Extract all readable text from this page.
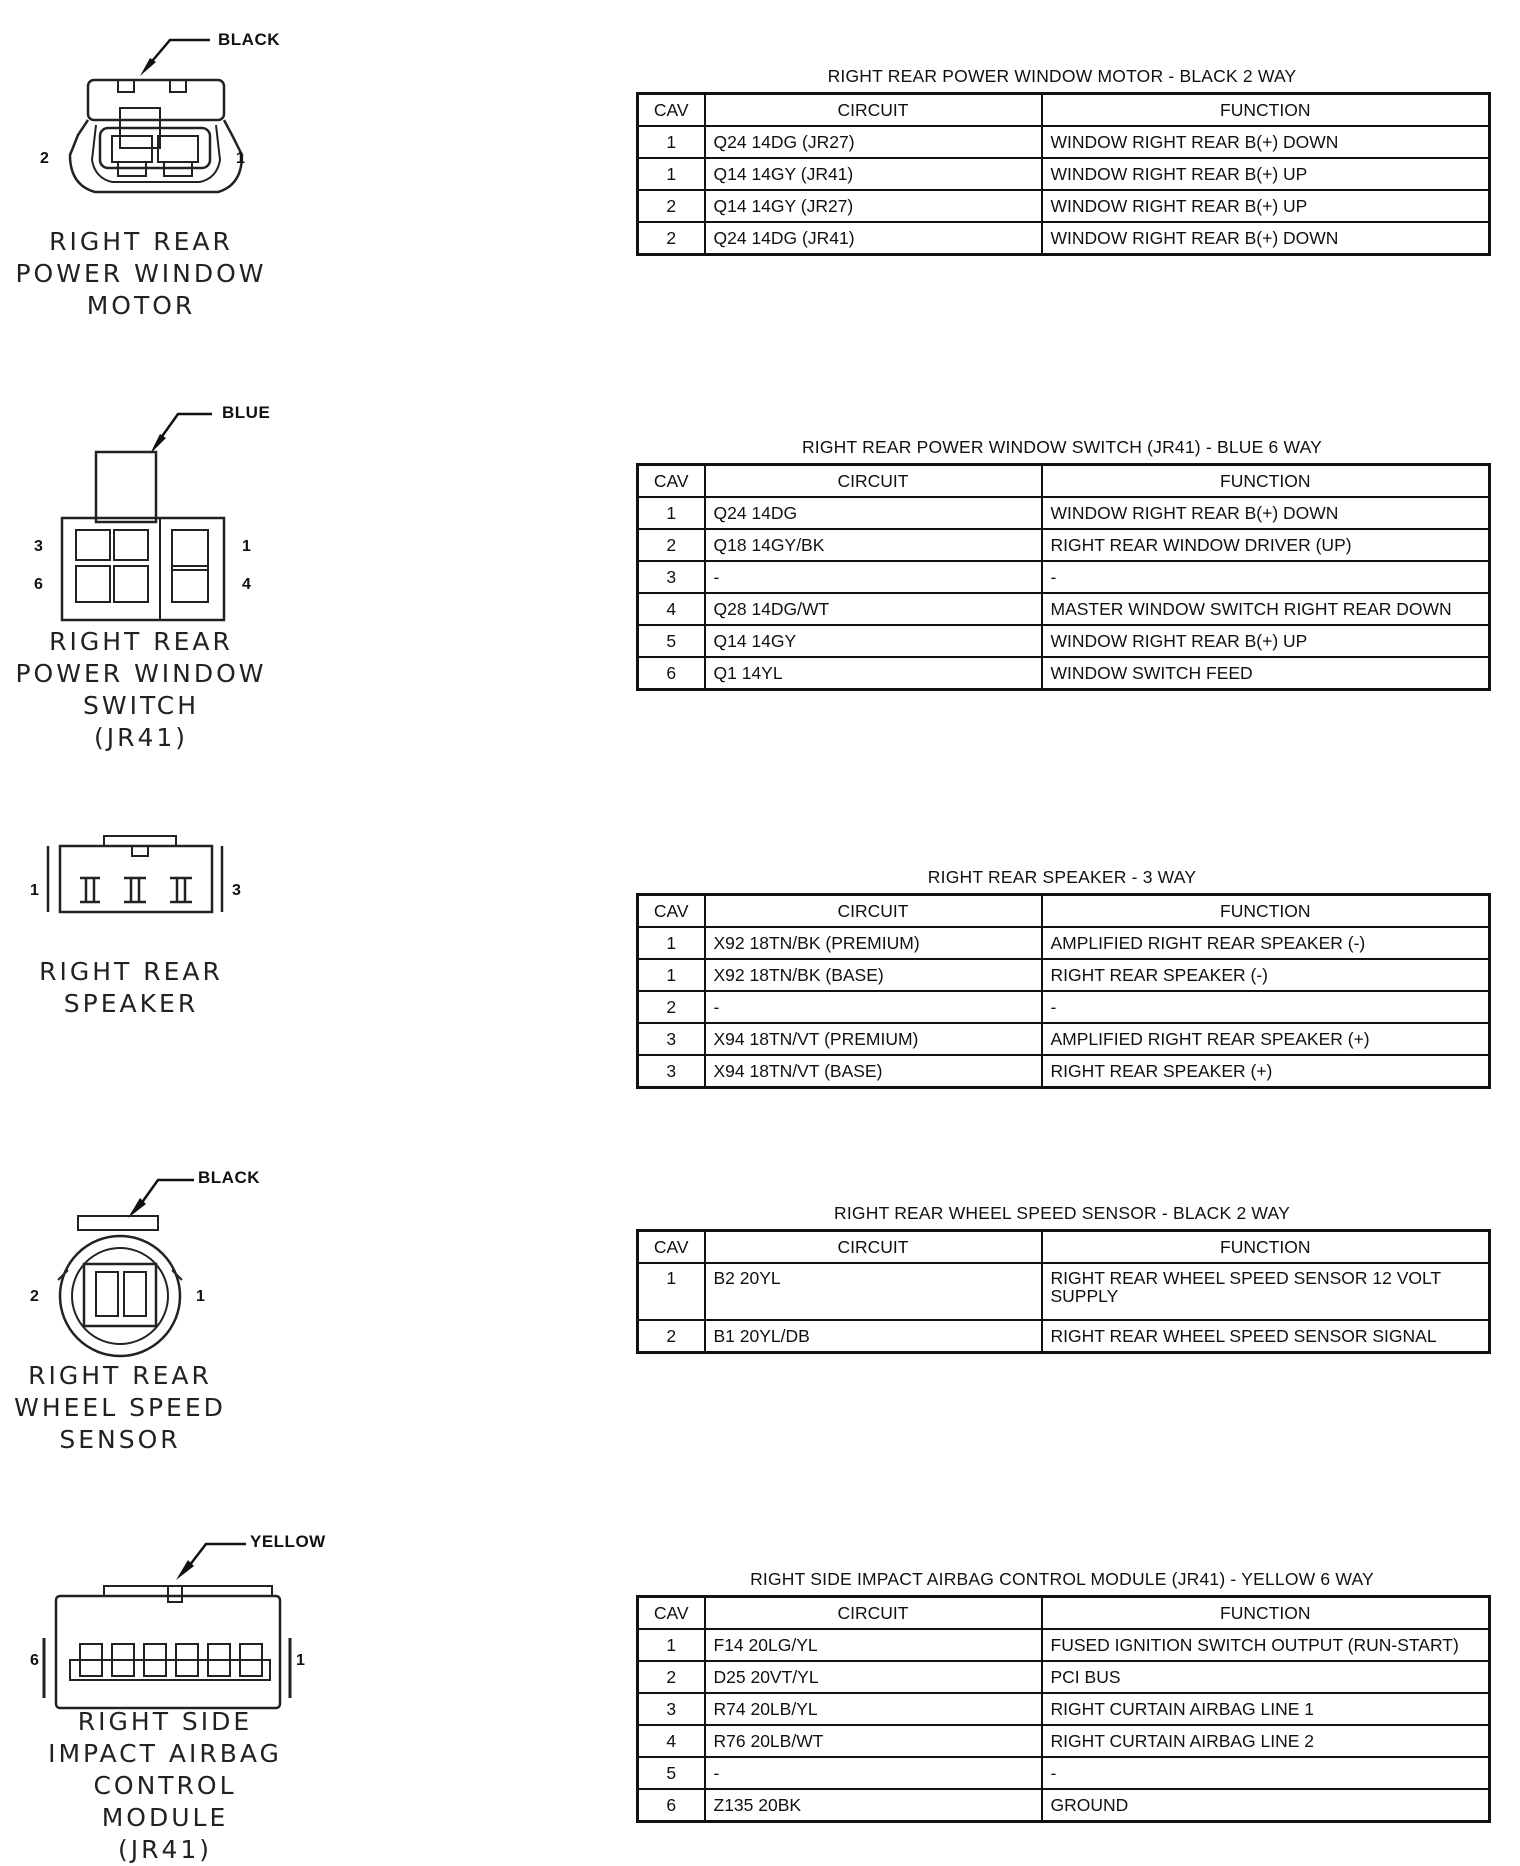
BLACK
2	1
RIGHT REAR
POWER WINDOW
MOTOR
BLUE
3
6
1
4
RIGHT REAR
POWER WINDOW
SWITCH
(JR41)
1	3
RIGHT REAR
SPEAKER
BLACK
2	1
RIGHT REAR
WHEEL SPEED
SENSOR
YELLOW
6	1
RIGHT SIDE
IMPACT AIRBAG
CONTROL MODULE
(JR41)
RIGHT REAR POWER WINDOW MOTOR - BLACK 2 WAY
CAV	CIRCUIT	FUNCTION
1	Q24 14DG (JR27)	WINDOW RIGHT REAR B(+) DOWN
1	Q14 14GY (JR41)	WINDOW RIGHT REAR B(+) UP
2	Q14 14GY (JR27)	WINDOW RIGHT REAR B(+) UP
2	Q24 14DG (JR41)	WINDOW RIGHT REAR B(+) DOWN
RIGHT REAR POWER WINDOW SWITCH (JR41) - BLUE 6 WAY
CAV	CIRCUIT	FUNCTION
1	Q24 14DG	WINDOW RIGHT REAR B(+) DOWN
2	Q18 14GY/BK	RIGHT REAR WINDOW DRIVER (UP)
3	-	-
4	Q28 14DG/WT	MASTER WINDOW SWITCH RIGHT REAR DOWN
5	Q14 14GY	WINDOW RIGHT REAR B(+) UP
6	Q1 14YL	WINDOW SWITCH FEED
RIGHT REAR SPEAKER - 3 WAY
CAV	CIRCUIT	FUNCTION
1	X92 18TN/BK (PREMIUM)	AMPLIFIED RIGHT REAR SPEAKER (-)
1	X92 18TN/BK (BASE)	RIGHT REAR SPEAKER (-)
2	-	-
3	X94 18TN/VT (PREMIUM)	AMPLIFIED RIGHT REAR SPEAKER (+)
3	X94 18TN/VT (BASE)	RIGHT REAR SPEAKER (+)
RIGHT REAR WHEEL SPEED SENSOR - BLACK 2 WAY
CAV	CIRCUIT	FUNCTION
1	B2 20YL	RIGHT REAR WHEEL SPEED SENSOR 12 VOLT SUPPLY
2	B1 20YL/DB	RIGHT REAR WHEEL SPEED SENSOR SIGNAL
RIGHT SIDE IMPACT AIRBAG CONTROL MODULE (JR41) - YELLOW 6 WAY
CAV	CIRCUIT	FUNCTION
1	F14 20LG/YL	FUSED IGNITION SWITCH OUTPUT (RUN-START)
2	D25 20VT/YL	PCI BUS
3	R74 20LB/YL	RIGHT CURTAIN AIRBAG LINE 1
4	R76 20LB/WT	RIGHT CURTAIN AIRBAG LINE 2
5	-	-
6	Z135 20BK	GROUND
